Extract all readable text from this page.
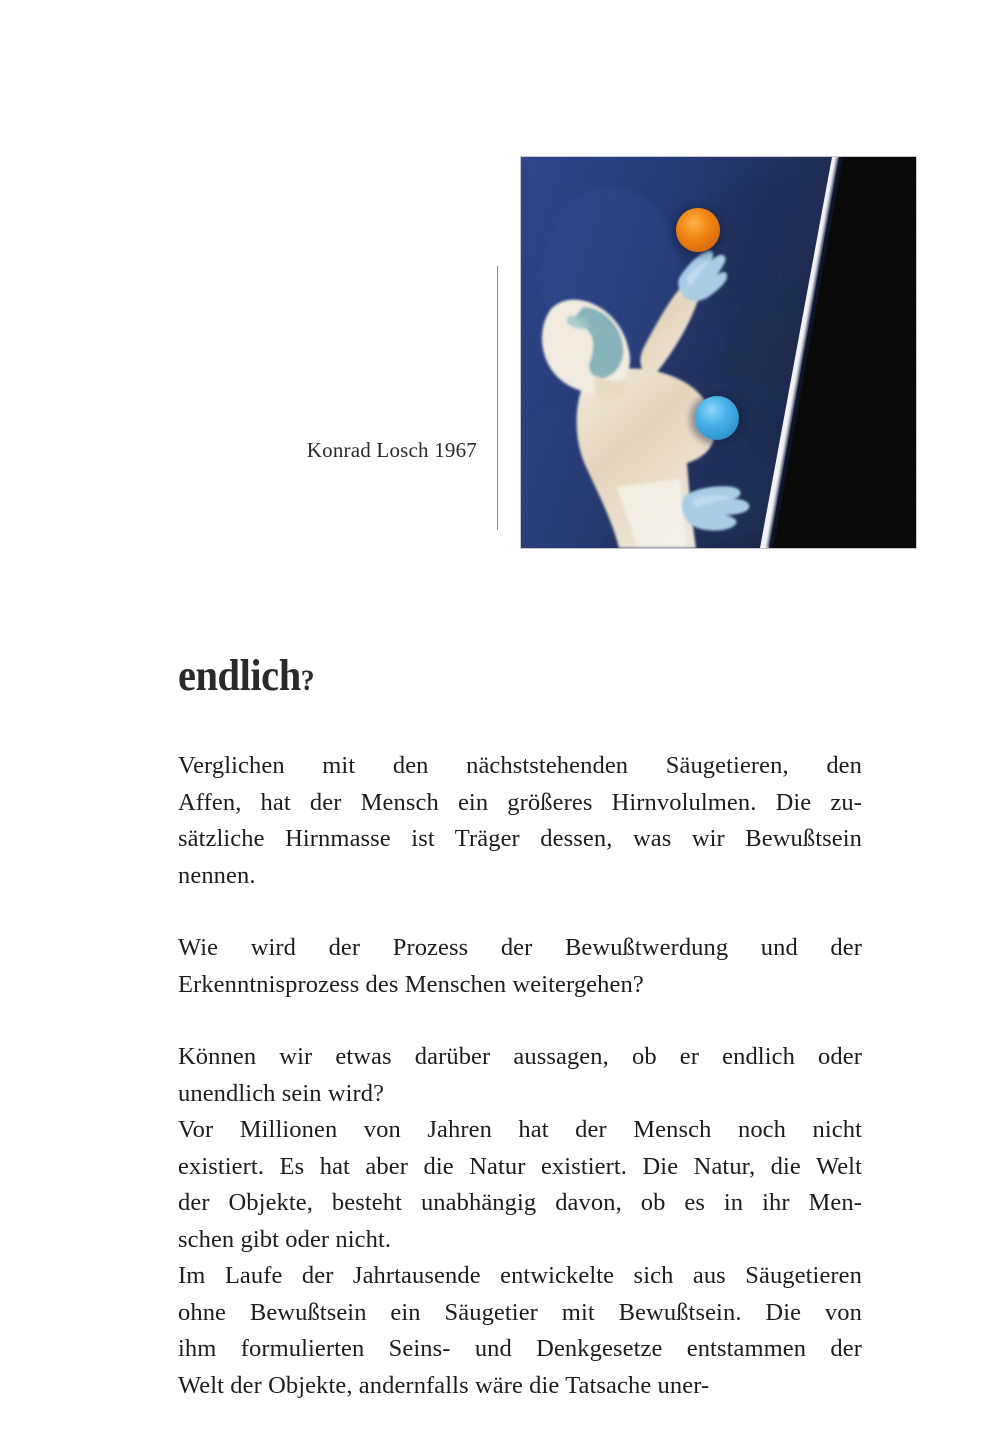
Konrad Losch 1967
endlich?

Verglichen mit den nächststehenden Säugetieren, den
Affen, hat der Mensch ein größeres Hirnvolulmen. Die zu-
sätzliche Hirnmasse ist Träger dessen, was wir Bewußtsein
nennen.

Wie wird der Prozess der Bewußtwerdung und der
Erkenntnisprozess des Menschen weitergehen?

Können wir etwas darüber aussagen, ob er endlich oder
unendlich sein wird?

Vor Millionen von Jahren hat der Mensch noch nicht
existiert. Es hat aber die Natur existiert. Die Natur, die Welt
der Objekte, besteht unabhängig davon, ob es in ihr Men-
schen gibt oder nicht.

Im Laufe der Jahrtausende entwickelte sich aus Säugetieren
ohne Bewußtsein ein Säugetier mit Bewußtsein. Die von
ihm formulierten Seins- und Denkgesetze entstammen der
Welt der Objekte, andernfalls wäre die Tatsache uner-
